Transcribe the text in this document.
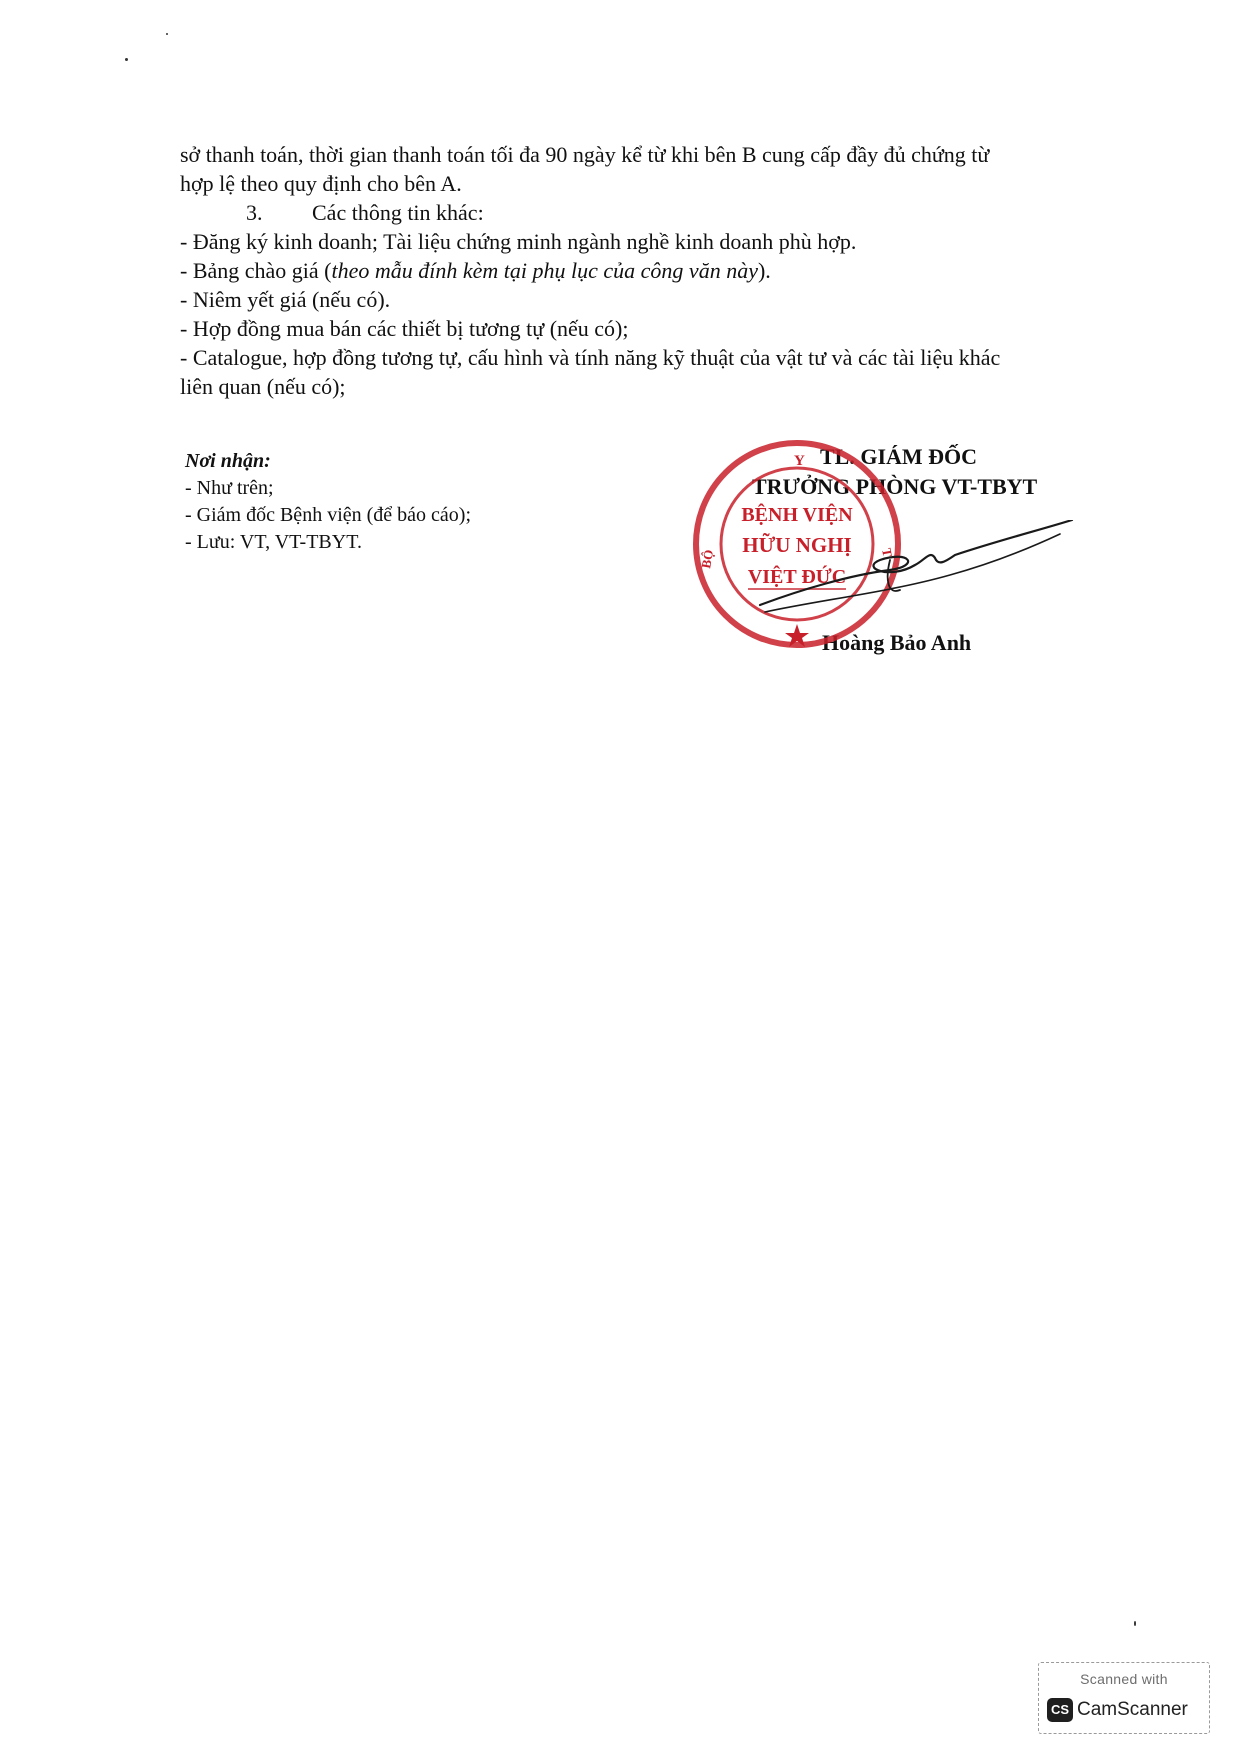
sở thanh toán, thời gian thanh toán tối đa 90 ngày kể từ khi bên B cung cấp đầy đủ chứng từ

hợp lệ theo quy định cho bên A.

3. Các thông tin khác:

- Đăng ký kinh doanh; Tài liệu chứng minh ngành nghề kinh doanh phù hợp.

- Bảng chào giá (theo mẫu đính kèm tại phụ lục của công văn này).

- Niêm yết giá (nếu có).

- Hợp đồng mua bán các thiết bị tương tự (nếu có);

- Catalogue, hợp đồng tương tự, cấu hình và tính năng kỹ thuật của vật tư và các tài liệu khác

liên quan (nếu có);

Nơi nhận:
- Như trên;
- Giám đốc Bệnh viện (để báo cáo);
- Lưu: VT, VT-TBYT.
TL. GIÁM ĐỐC
TRƯỞNG PHÒNG VT-TBYT
Hoàng Bảo Anh
Y
BỘ	T
BỆNH VIỆN
HỮU NGHỊ
VIỆT ĐỨC
Scanned with
CS CamScanner
